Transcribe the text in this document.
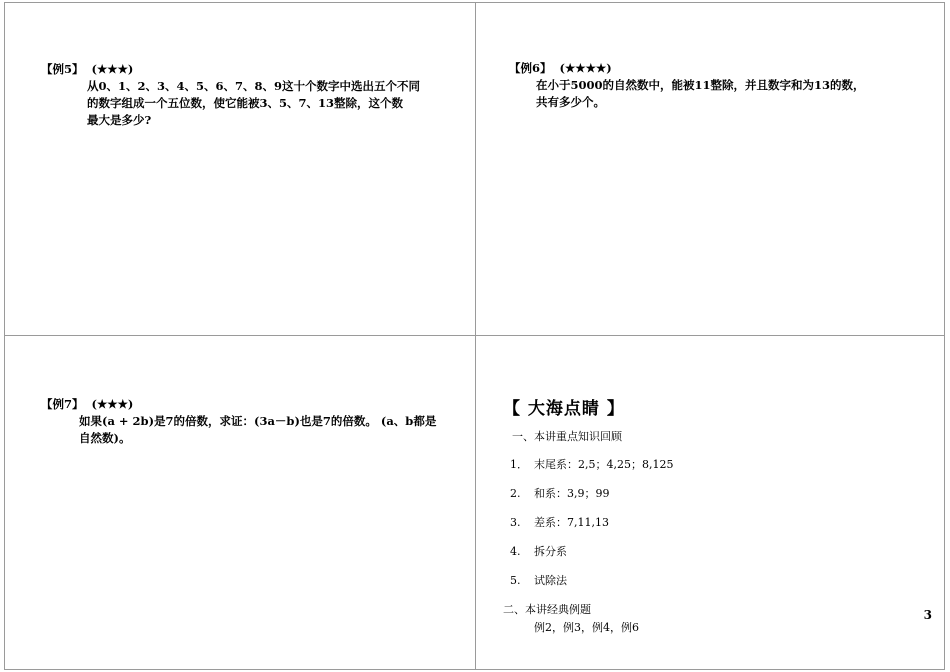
【例5】 (★★★)
从0、1、2、3、4、5、6、7、8、9这十个数字中选出五个不同
的数字组成一个五位数，使它能被3、5、7、13整除，这个数
最大是多少?
【例6】 (★★★★)
在小于5000的自然数中，能被11整除，并且数字和为13的数，
共有多少个。
【例7】 (★★★)
如果(a + 2b)是7的倍数，求证：(3a－b)也是7的倍数。 (a、b都是
自然数)。
【 大海点睛 】
一、本讲重点知识回顾
1． 末尾系：2,5；4,25；8,125
2. 和系：3,9；99
3. 差系：7,11,13
4. 拆分系
5. 试除法
二、本讲经典例题
例2，例3，例4，例6
3
